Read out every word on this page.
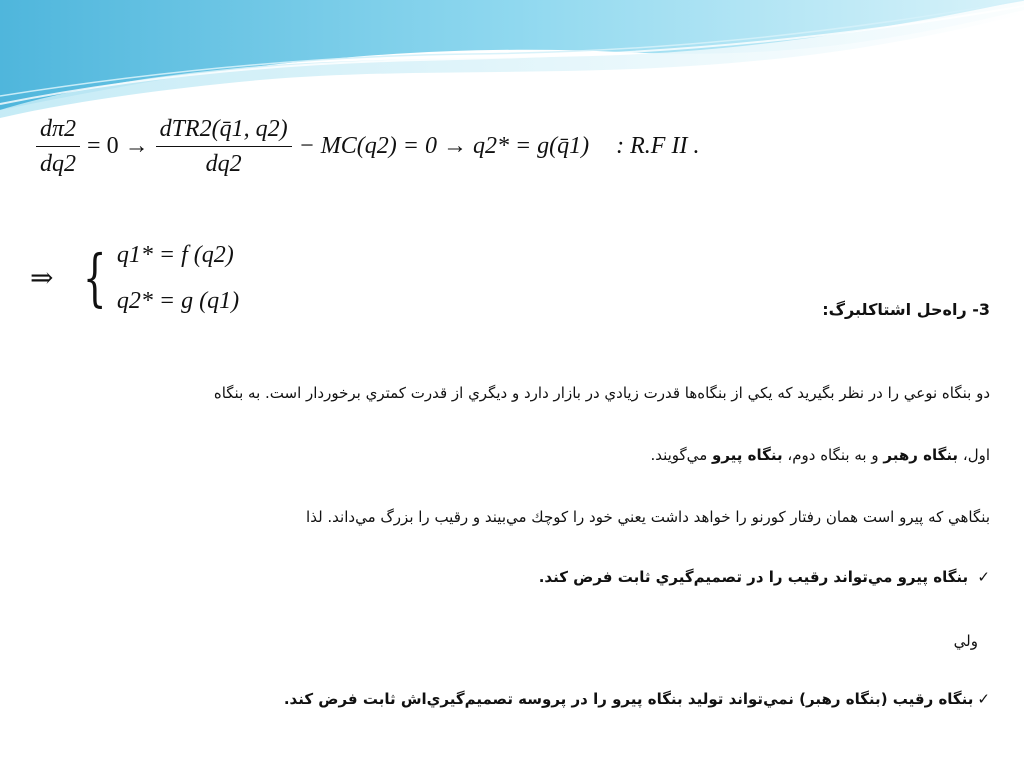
$\frac{d\pi 2}{dq2} = 0 \to \frac{\text{dTR2(q̄1, q2)}}{dq2} - MC(q2) = 0 \to q2*$ = g(q̄1) : R.F II .
⇒ { q1* = f (q2)
q2* = g (q1)	3- راه‌حل اشتاکلبرگ:
دو بنگاه نوعي را در نظر بگيريد كه يكي از بنگاه‌ها قدرت زيادي در بازار دارد و ديگري از قدرت كمتري برخوردار است. به بنگاه
اول، بنگاه رهبر و به بنگاه دوم، بنگاه پيرو مي‌گويند.
بنگاهي كه پيرو است همان رفتار كورنو را خواهد داشت يعني خود را كوچك مي‌بيند و رقيب را بزرگ مي‌داند. لذا
✓ بنگاه پيرو مي‌تواند رقيب را در تصميم‌گيري ثابت فرض كند.
ولي
✓بنگاه رقيب (بنگاه رهبر) نمي‌تواند توليد بنگاه پيرو را در پروسه تصميم‌گيري‌اش ثابت فرض كند.
